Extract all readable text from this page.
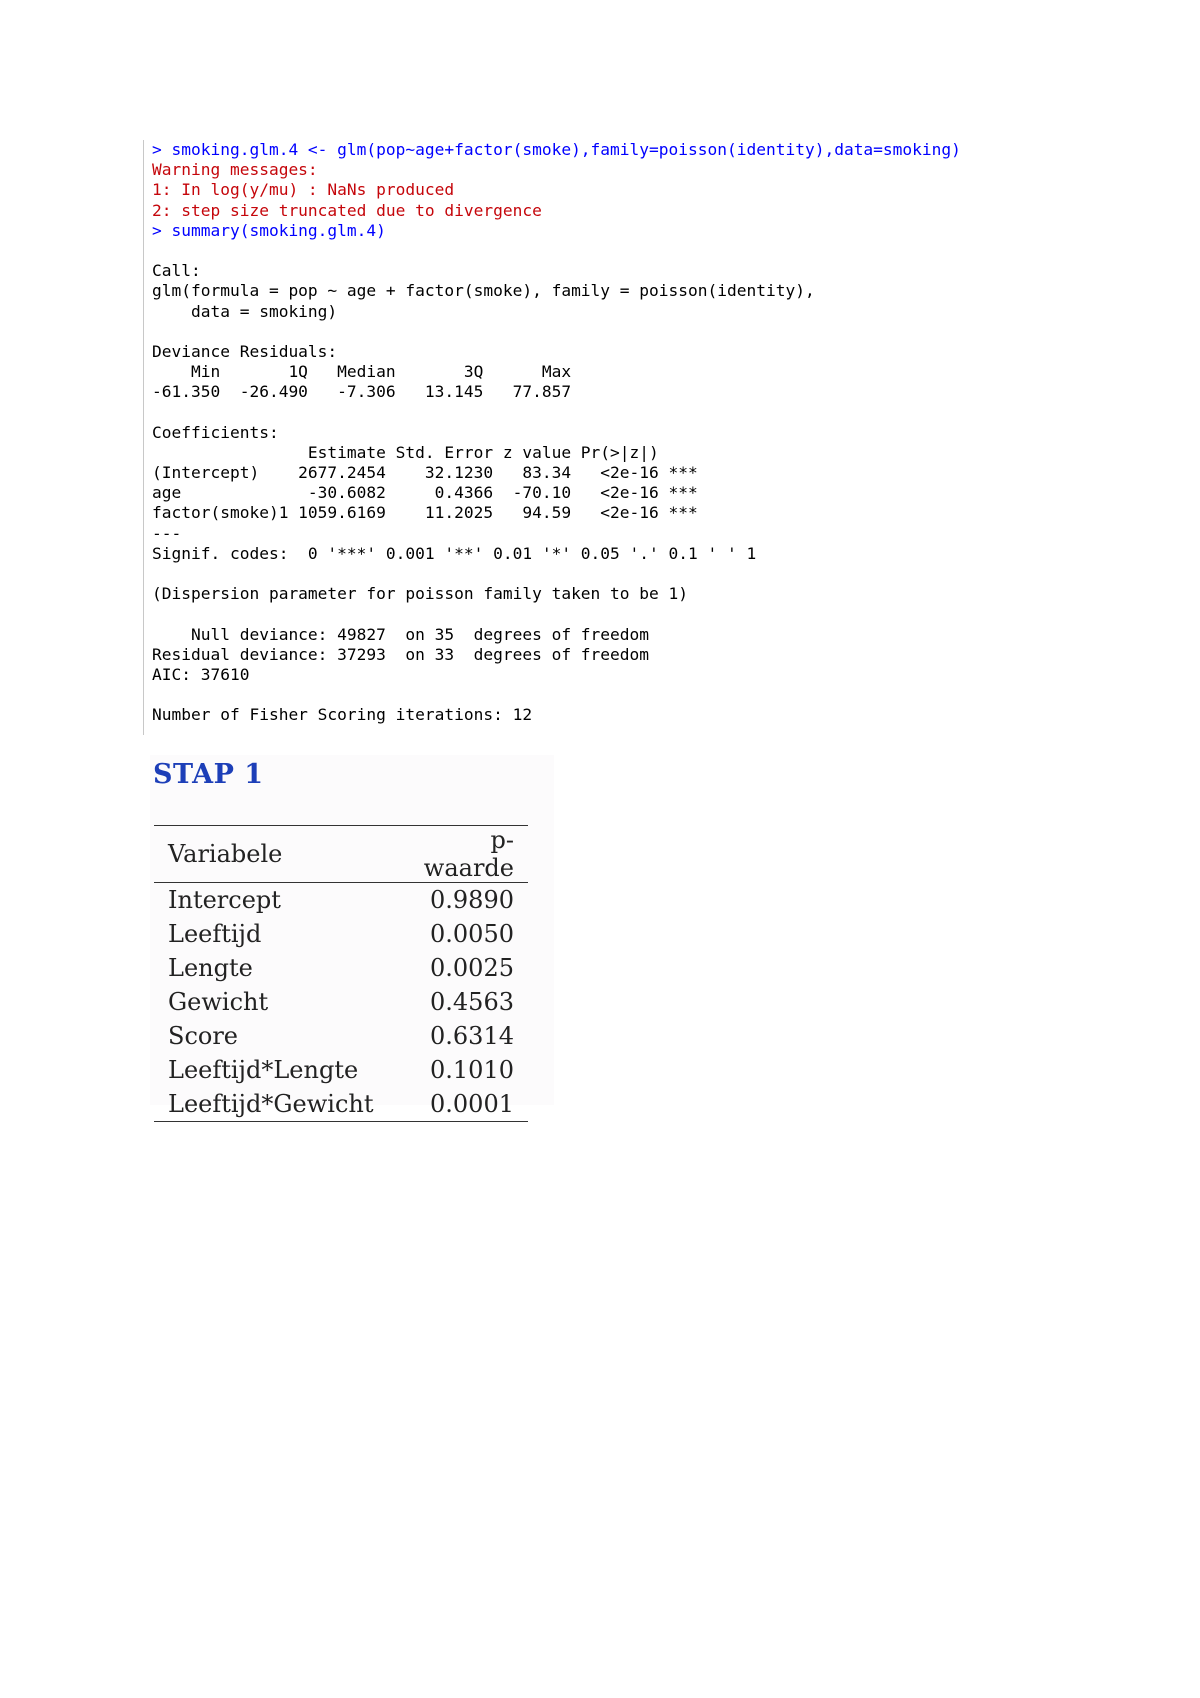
> smoking.glm.4 <- glm(pop~age+factor(smoke),family=poisson(identity),data=smoking)
Warning messages:
1: In log(y/mu) : NaNs produced
2: step size truncated due to divergence
> summary(smoking.glm.4)
Call:
glm(formula = pop ~ age + factor(smoke), family = poisson(identity),
data = smoking)
Deviance Residuals:
Min       1Q   Median       3Q      Max
-61.350  -26.490   -7.306   13.145   77.857
Coefficients:
Estimate Std. Error z value Pr(>|z|)
(Intercept)    2677.2454    32.1230   83.34   <2e-16 ***
age             -30.6082     0.4366  -70.10   <2e-16 ***
factor(smoke)1 1059.6169    11.2025   94.59   <2e-16 ***
---
Signif. codes:  0 '***' 0.001 '**' 0.01 '*' 0.05 '.' 0.1 ' ' 1
(Dispersion parameter for poisson family taken to be 1)
Null deviance: 49827  on 35  degrees of freedom
Residual deviance: 37293  on 33  degrees of freedom
AIC: 37610
Number of Fisher Scoring iterations: 12
STAP 1
Variabele	p-waarde
Intercept	0.9890
Leeftijd	0.0050
Lengte	0.0025
Gewicht	0.4563
Score	0.6314
Leeftijd*Lengte	0.1010
Leeftijd*Gewicht	0.0001
